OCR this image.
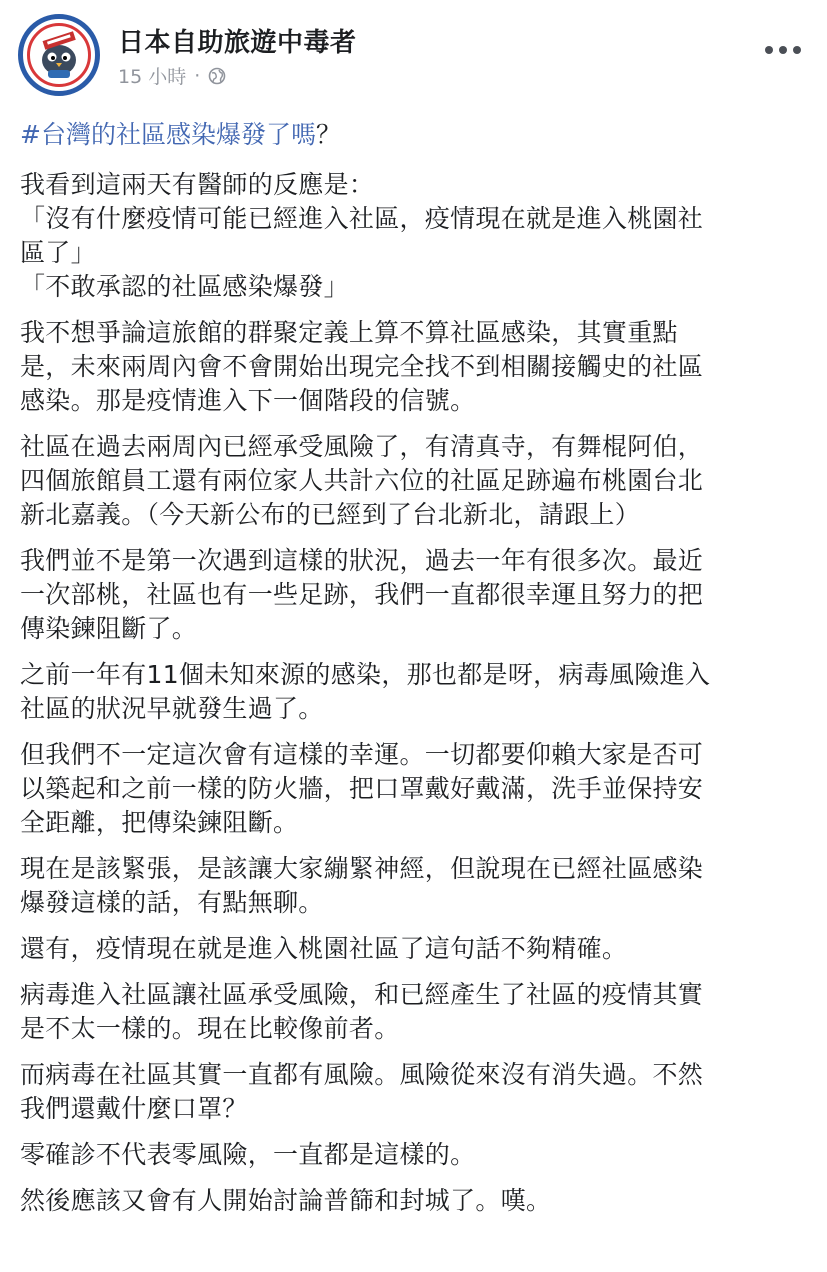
日本自助旅遊中毒者
15 小時 ·
#台灣的社區感染爆發了嗎？
我看到這兩天有醫師的反應是：
「沒有什麼疫情可能已經進入社區，疫情現在就是進入桃園社
區了」
「不敢承認的社區感染爆發」
我不想爭論這旅館的群聚定義上算不算社區感染，其實重點
是，未來兩周內會不會開始出現完全找不到相關接觸史的社區
感染。那是疫情進入下一個階段的信號。
社區在過去兩周內已經承受風險了，有清真寺，有舞棍阿伯，
四個旅館員工還有兩位家人共計六位的社區足跡遍布桃園台北
新北嘉義。（今天新公布的已經到了台北新北，請跟上）
我們並不是第一次遇到這樣的狀況，過去一年有很多次。最近
一次部桃，社區也有一些足跡，我們一直都很幸運且努力的把
傳染鍊阻斷了。
之前一年有11個未知來源的感染，那也都是呀，病毒風險進入
社區的狀況早就發生過了。
但我們不一定這次會有這樣的幸運。一切都要仰賴大家是否可
以築起和之前一樣的防火牆，把口罩戴好戴滿，洗手並保持安
全距離，把傳染鍊阻斷。
現在是該緊張，是該讓大家繃緊神經，但說現在已經社區感染
爆發這樣的話，有點無聊。
還有，疫情現在就是進入桃園社區了這句話不夠精確。
病毒進入社區讓社區承受風險，和已經產生了社區的疫情其實
是不太一樣的。現在比較像前者。
而病毒在社區其實一直都有風險。風險從來沒有消失過。不然
我們還戴什麼口罩？
零確診不代表零風險，一直都是這樣的。
然後應該又會有人開始討論普篩和封城了。嘆。
